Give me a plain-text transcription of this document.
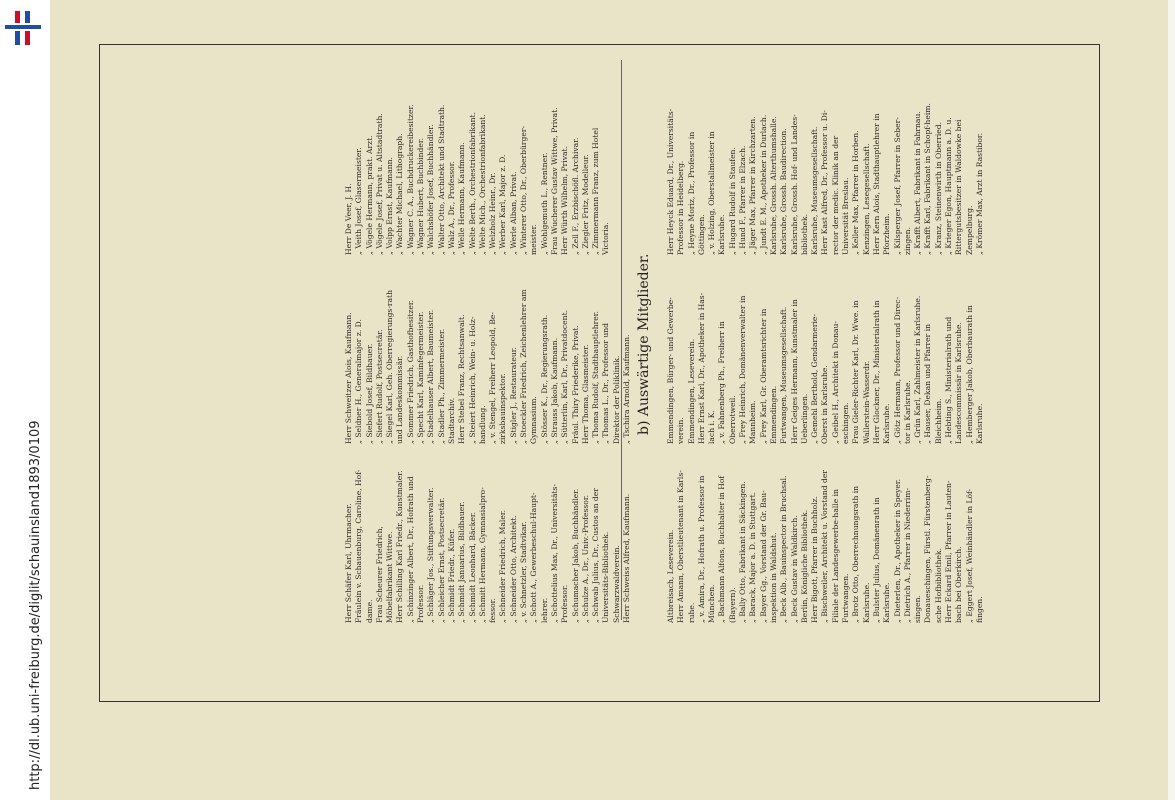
http://dl.ub.uni-freiburg.de/diglit/schauinsland1893/0109	Herr Schäfer Karl, Uhrmacher. Fräulein v. Schauenburg, Caroline, Hof-dame. Frau Scheurer Friedrich, Möbelfabrikant Wittwe. Herr Schilling Karl Friedr., Kunstmaler. „ Schinzinger Albert, Dr., Hofrath und Professor. „ Schläger Jos., Stiftungsverwalter. „ Schleicher Ernst, Postsecretär. „ Schmidt Friedr., Küfer. „ Schmidt Januarius, Bildhauer. „ Schmidt Leonhard, Bäcker. „ Schmitt Hermann, Gymnasialpro-fessor. „ Schneider Friedrich, Maler. „ Schneider Otto, Architekt. „ v. Schnetzler, Stadtvikar. „ Schott A., Gewerbeschul-Haupt-lehrer. „ Schottelius Max, Dr., Universitäts-Professor. „ Schumacher Jakob, Buchhändler. „ Schulze A., Dr., Univ.-Professor. „ Schwab Julius, Dr., Custos an der Universitäts-Bibliothek. Schwarzwaldverein. Herr Schweiss Alfred, Kaufmann.
Herr Schweitzer Alois, Kaufmann. „ Seldner H., Generalmajor z. D. „ Siebold Josef, Bildhauer. „ Siefert Rudolf, Postsecretär. „ Siegel Karl, Geh. Oberregierungs-rath und Landeskommissär. „ Sommer Friedrich, Gasthofbesitzer. „ Specht Karl, Kaminfegermeister. „ Stadelhauser Albert, Baumeister. „ Stadler Ph., Zimmermeister. Stadtarchiv. Herr Stebel Franz, Rechtsanwalt. „ Steiert Heinrich, Wein- u. Holz-handlung. „ v. Stengel, Freiherr Leopold, Be-zirksbauinspektor. „ Stigler J., Restaurateur. „ Stoeckler Friedrich, Zeichenlehrer am Gymnasium. „ Stösser K., Dr., Regierungsrath. „ Strauss Jakob, Kaufmann. „ Sütterlin, Karl, Dr., Privatdocent. Fräul. Thiry Friederike, Privat. Herr Thoma, Glasmeister. „ Thoma Rudolf, Stadthauptlehrer. „ Thomas L., Dr., Professor und Direktor der Poliklinik. „ Tschira Arnold, Kaufmann.
Herr De Veer, J. H. „ Veith Josef, Glasermeister. „ Vögele Hermann, prakt. Arzt. „ Vögele Josef, Privat u. Altstadtrath. „ Volpp Ernst, Kaufmann. „ Wachter Michael, Lithograph. „ Wagner C. A., Buchdruckereibesitzer. „ Wagner Hubert, Buchbinder. „ Walchshöfer Josef, Buchhändler. „ Walter Otto, Architekt und Stadtrath. „ Walz A., Dr., Professor. „ Welle Hermann, Kaufmann. „ Welte Berth., Orchestrionfabrikant. „ Welte Mich., Orchestrionfabrikant. „ Welzholz Heinr., Dr. „ Werber Karl, Major z. D. „ Werle Alban, Privat. „ Winterer Otto, Dr., Oberbürger-meister. „ Wohlgemuth L., Rentner. Frau Wucherer Gustav Wittwe, Privat. Herr Würth Wilhelm, Privat. „ Zell F., Erzbischöfl. Archivar. „ Ziegler Fritz, Modelleur. „ Zimmermann Franz, zum Hotel Victoria.
b) Auswärtige Mitglieder.
Altbreisach, Leseverein. Herr Amann, Oberstlieutenant in Karls-ruhe. „ v. Amira, Dr., Hofrath u. Professor in München. „ Bachmann Alfons, Buchhalter in Hof (Bayern). „ Bally Otto, Fabrikant in Säckingen. „ Barack, Major a. D. in Stuttgart. „ Bayer Gg., Vorstand der Gr. Bau-inspektion in Waldshut. „ Beck Alb., Bauinspector in Bruchsal. „ Beck Gustav in Waldkirch. Berlin, Königliche Bibliothek. Herr Bigott, Pfarrer in Buchholz. „ Bischweiler, Architekt u. Vorstand der Filiale der Landesgewerbe-halle in Furtwangen. „ Brotz Otto, Oberrechnungsrath in Karlsruhe. „ Bulster Julius, Domänenrath in Karlsruhe. „ Dieterlen, Dr., Apotheker in Speyer. „ Dietrich A., Pfarrer in Niederrim-singen. Donaueschingen, Fürstl. Fürstenberg-sche Hofbibliothek. Herr Eckard Emil, Pfarrer in Lauten-bach bei Oberkirch. „ Eggert Josef, Weinhändler in Löf-fingen.
Emmendingen, Bürger- und Gewerbe-verein. Emmendingen, Leseverein. Herr Ernst Karl, Dr., Apotheker in Has-lach i. K. „ v. Fahnenberg Ph., Freiherr in Oberrotweil. „ Frey Heinrich, Domänenverwalter in Mannheim. „ Frey Karl, Gr. Oberamtsrichter in Emmendingen. Furtwangen, Museumsgesellschaft. Herr Geiges Hermann, Kunstmaler in Ueberlingen. „ Gemehl Berthold, Gendarmerie-Oberst in Karlsruhe. „ Geibel H., Architekt in Donau-eschingen. Frau Gieler-Richter Karl, Dr. Wwe. in Wallerstein-Wasserdr. Herr Glockner, Dr., Ministerialrath in Karlsruhe. „ Götz Hermann, Professor und Direc-tor in Karlsruhe. „ Grün Karl, Zahlmeister in Karlsruhe. „ Hauser, Dekan und Pfarrer in Bleichheim. „ Hebting S., Ministerialrath und Landescommissär in Karlsruhe. „ Hemberger Jakob, Oberbaurath in Karlsruhe.
Herr Heyck Eduard, Dr., Universitäts-Professor in Heidelberg. „ Heyne Moriz, Dr., Professor in Göttingen. „ v. Holzing, Oberstallmeister in Karlsruhe. „ Hugard Rudolf in Staufen. „ Hund F., Pfarrer in Elzach. „ Jäger Max, Pfarrer in Kirchzarten. „ Jundt E. M., Apotheker in Durlach. Karlsruhe, Grossh. Alterthumshalle. Karlsruhe, Grossh. Baudirection. Karlsruhe, Grossh. Hof- und Landes-bibliothek. Karlsruhe, Museumsgesellschaft. Herr Kast Alfred, Dr., Professor u. Di-rector der medic. Klinik an der Universität Breslau. „ Keller Max, Pfarrer in Horben. Kenzingen, Lesegesellschaft. Herr Kern Alois, Stadthauptlehrer in Pforzheim. „ Kilsperger Josef, Pfarrer in Seber-zingen. „ Krafft Albert, Fabrikant in Fahrnau. „ Krafft Karl, Fabrikant in Schopf-heim. „ Kranz, Steinenwirth in Oberried. „ Krieger Egon, Hauptmann a. D. u. Rittergutsbesitzer in Waldowke bei Zempelburg. „ Krömer Max, Arzt in Rastibor.
